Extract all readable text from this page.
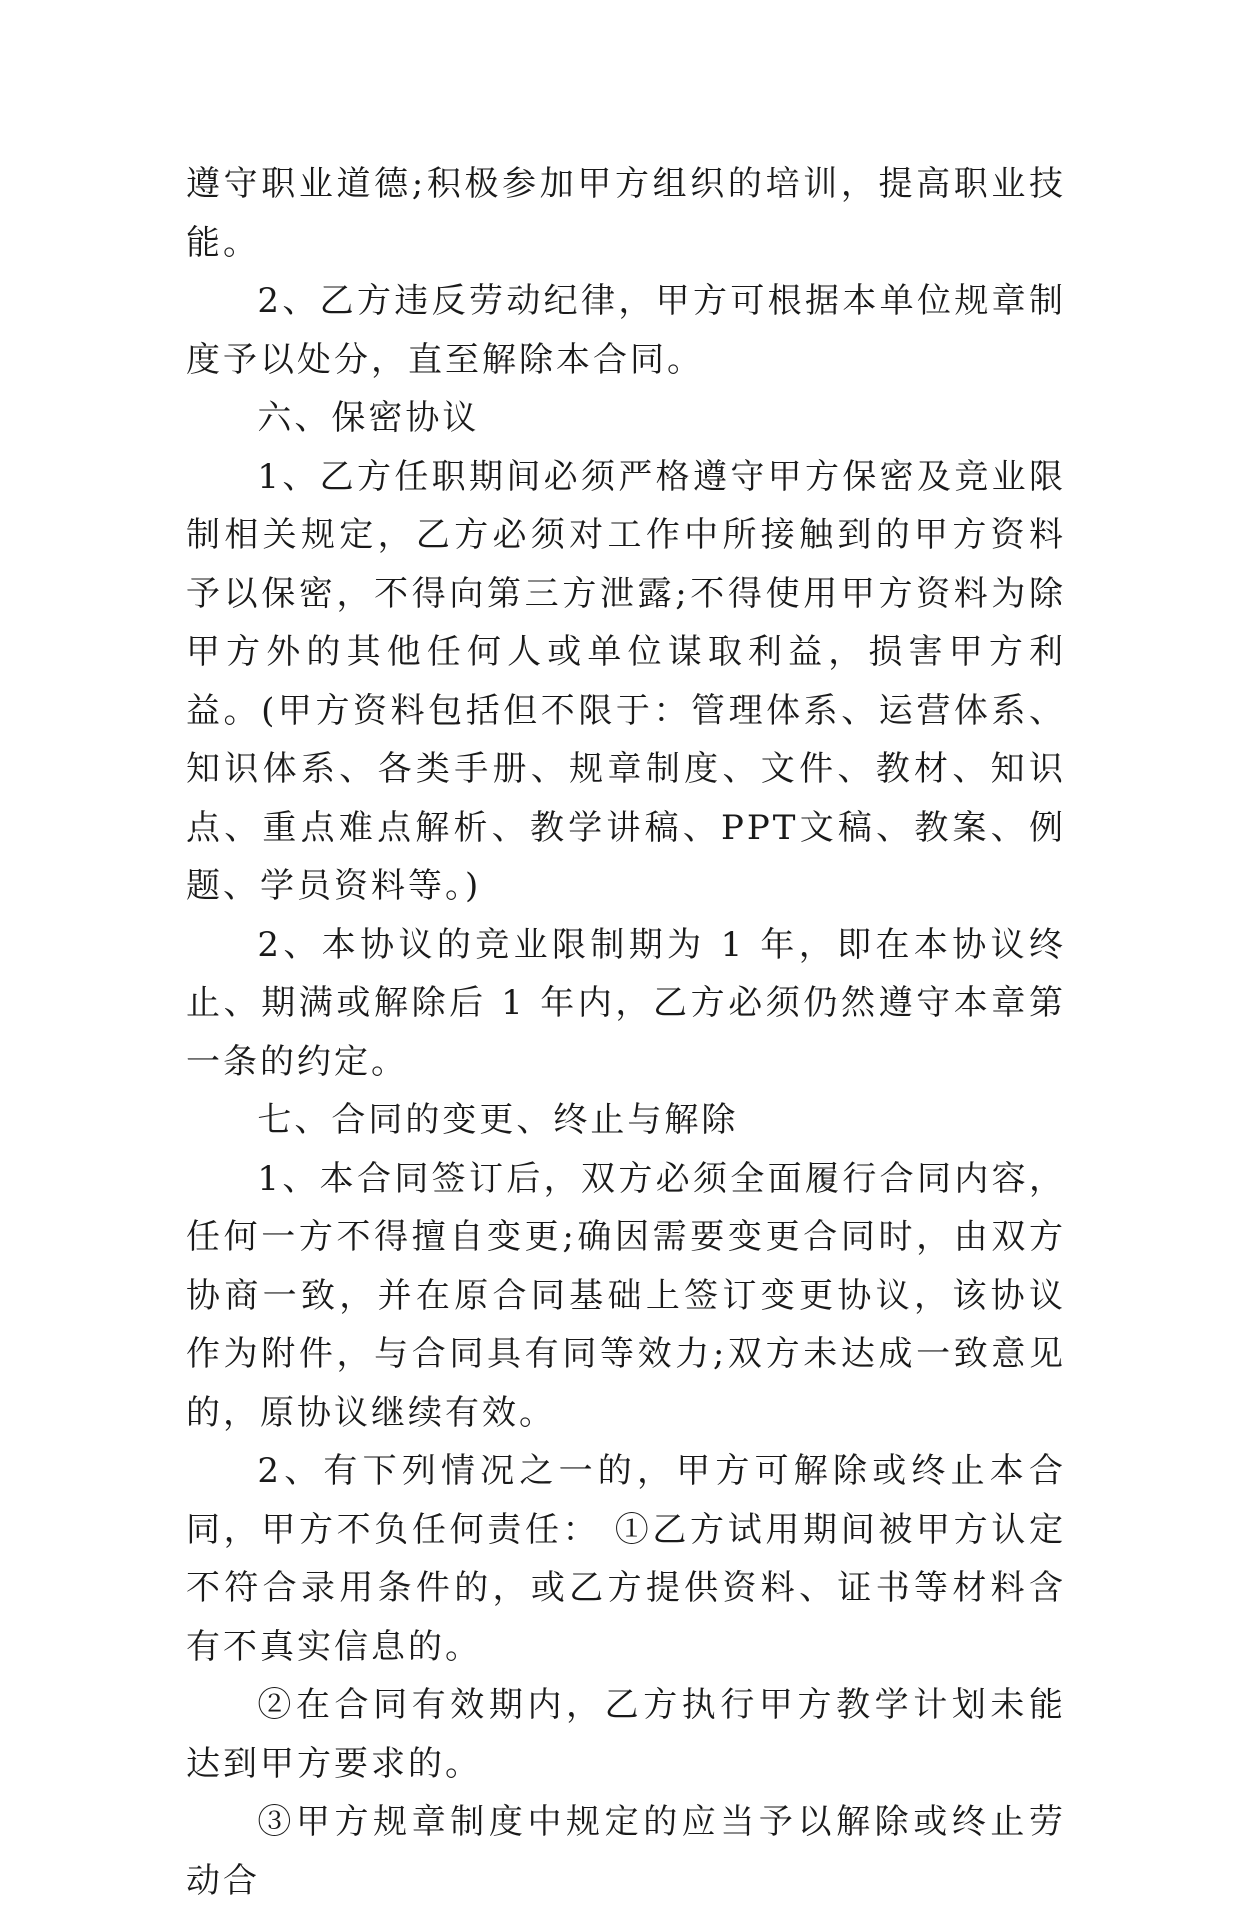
遵守职业道德;积极参加甲方组织的培训，提高职业技能。

2、乙方违反劳动纪律，甲方可根据本单位规章制度予以处分，直至解除本合同。

六、保密协议

1、乙方任职期间必须严格遵守甲方保密及竞业限制相关规定，乙方必须对工作中所接触到的甲方资料予以保密，不得向第三方泄露;不得使用甲方资料为除甲方外的其他任何人或单位谋取利益，损害甲方利益。(甲方资料包括但不限于：管理体系、运营体系、知识体系、各类手册、规章制度、文件、教材、知识点、重点难点解析、教学讲稿、PPT文稿、教案、例题、学员资料等。)

2、本协议的竞业限制期为 1 年，即在本协议终止、期满或解除后 1 年内，乙方必须仍然遵守本章第一条的约定。

七、合同的变更、终止与解除

1、本合同签订后，双方必须全面履行合同内容，任何一方不得擅自变更;确因需要变更合同时，由双方协商一致，并在原合同基础上签订变更协议，该协议作为附件，与合同具有同等效力;双方未达成一致意见的，原协议继续有效。

2、有下列情况之一的，甲方可解除或终止本合同，甲方不负任何责任： ①乙方试用期间被甲方认定不符合录用条件的，或乙方提供资料、证书等材料含有不真实信息的。

②在合同有效期内，乙方执行甲方教学计划未能达到甲方要求的。

③甲方规章制度中规定的应当予以解除或终止劳动合
